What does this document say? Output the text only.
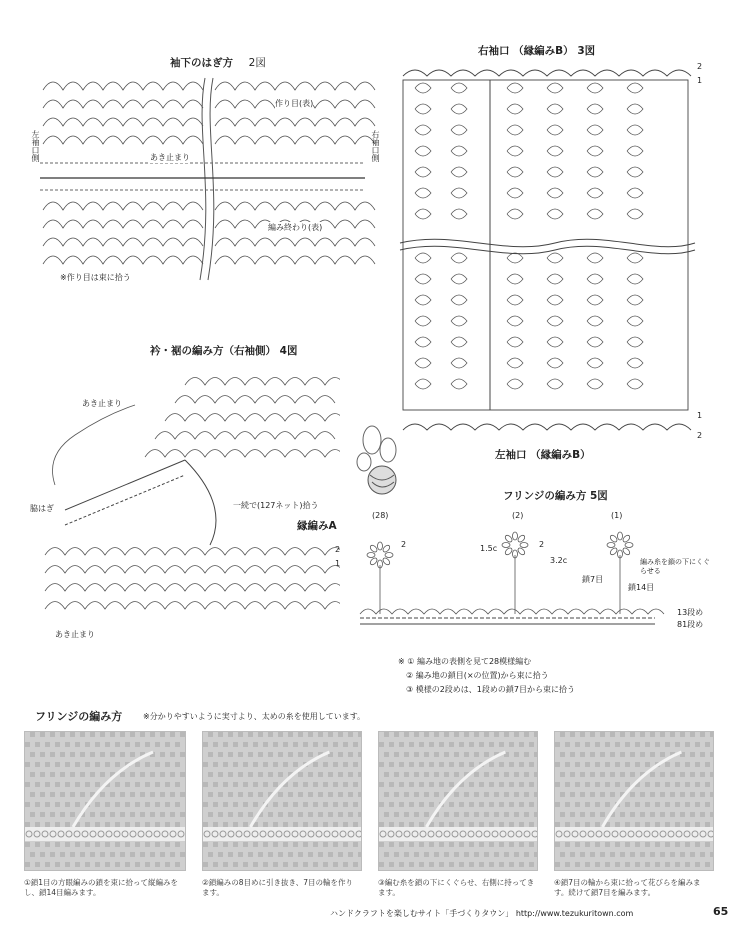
袖下のはぎ方 2図
左袖口側	右袖口側
作り目(表)
あき止まり
編み終わり(表)
※作り目は束に拾う
右袖口 （縁編みB） 3図
2
1
1
2
左袖口 （縁編みB）
衿・裾の編み方（右袖側） 4図
あき止まり
脇はぎ	一続で(127ネット)拾う
縁編みA
2
1
あき止まり
フリンジの編み方 5図
(28)	(2)	(1)
2	1.5c	2
3.2c
鎖7目
鎖14目
編み糸を鎖の下にくぐらせる
13段め
81段め
※ ① 編み地の表側を見て28模様編む
② 編み地の鎖目(×の位置)から束に拾う
③ 模様の2段めは、1段めの鎖7目から束に拾う
フリンジの編み方	※分かりやすいように実寸より、太めの糸を使用しています。
①鎖1目の方眼編みの鎖を束に拾って縦編みをし、鎖14目編みます。
②鎖編みの8目めに引き抜き、7目の輪を作ります。
③編む糸を鎖の下にくぐらせ、右側に持ってきます。
④鎖7目の輪から束に拾って花びらを編みます。続けて鎖7目を編みます。
ハンドクラフトを楽しむサイト「手づくりタウン」 http://www.tezukuritown.com	65
